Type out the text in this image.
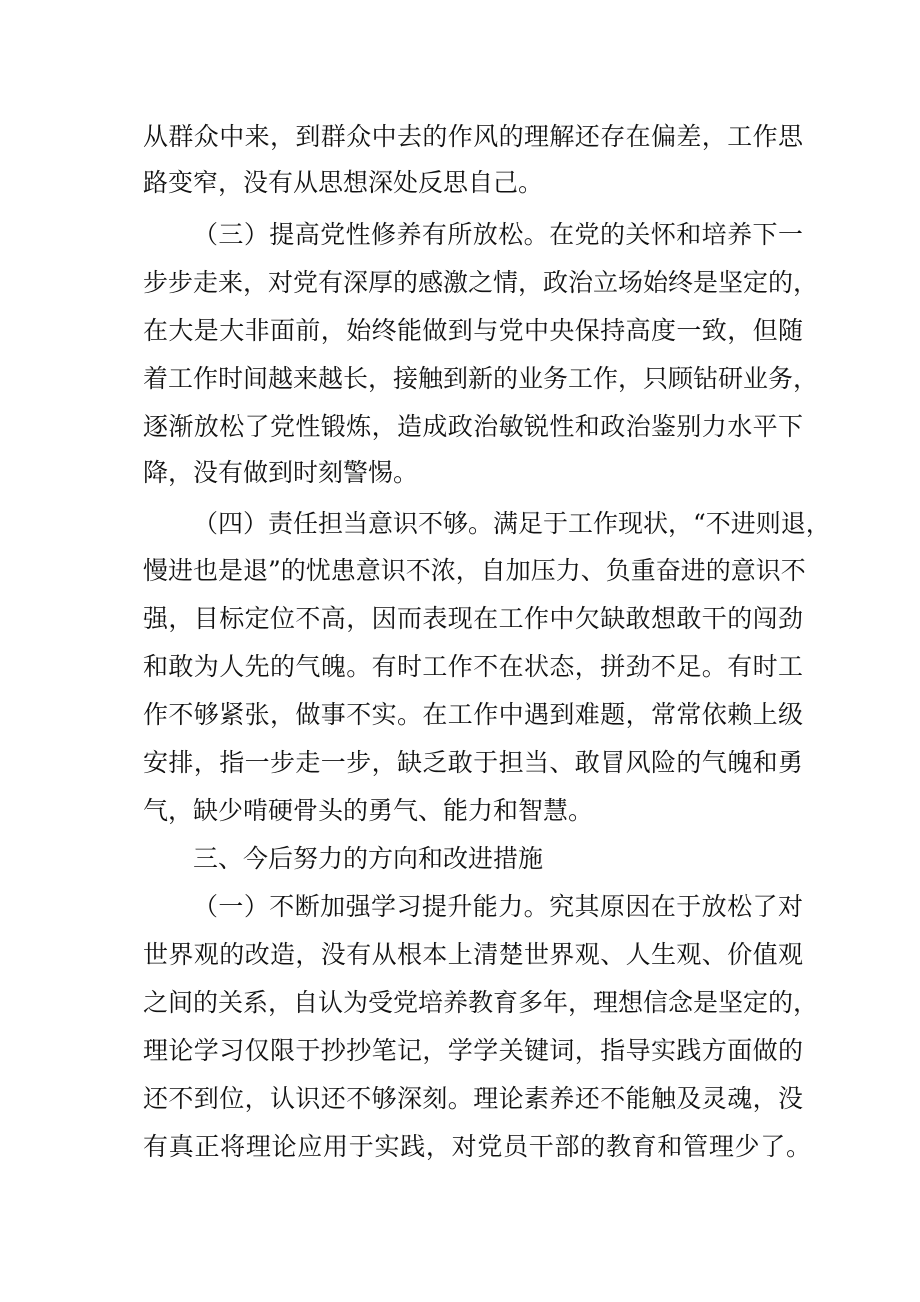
从群众中来，到群众中去的作风的理解还存在偏差，工作思
路变窄，没有从思想深处反思自己。
（三）提高党性修养有所放松。在党的关怀和培养下一
步步走来，对党有深厚的感激之情，政治立场始终是坚定的，
在大是大非面前，始终能做到与党中央保持高度一致，但随
着工作时间越来越长，接触到新的业务工作，只顾钻研业务，
逐渐放松了党性锻炼，造成政治敏锐性和政治鉴别力水平下
降，没有做到时刻警惕。
（四）责任担当意识不够。满足于工作现状，“不进则退，
慢进也是退”的忧患意识不浓，自加压力、负重奋进的意识不
强，目标定位不高，因而表现在工作中欠缺敢想敢干的闯劲
和敢为人先的气魄。有时工作不在状态，拼劲不足。有时工
作不够紧张，做事不实。在工作中遇到难题，常常依赖上级
安排，指一步走一步，缺乏敢于担当、敢冒风险的气魄和勇
气，缺少啃硬骨头的勇气、能力和智慧。
三、今后努力的方向和改进措施
（一）不断加强学习提升能力。究其原因在于放松了对
世界观的改造，没有从根本上清楚世界观、人生观、价值观
之间的关系，自认为受党培养教育多年，理想信念是坚定的，
理论学习仅限于抄抄笔记，学学关键词，指导实践方面做的
还不到位，认识还不够深刻。理论素养还不能触及灵魂，没
有真正将理论应用于实践，对党员干部的教育和管理少了。
